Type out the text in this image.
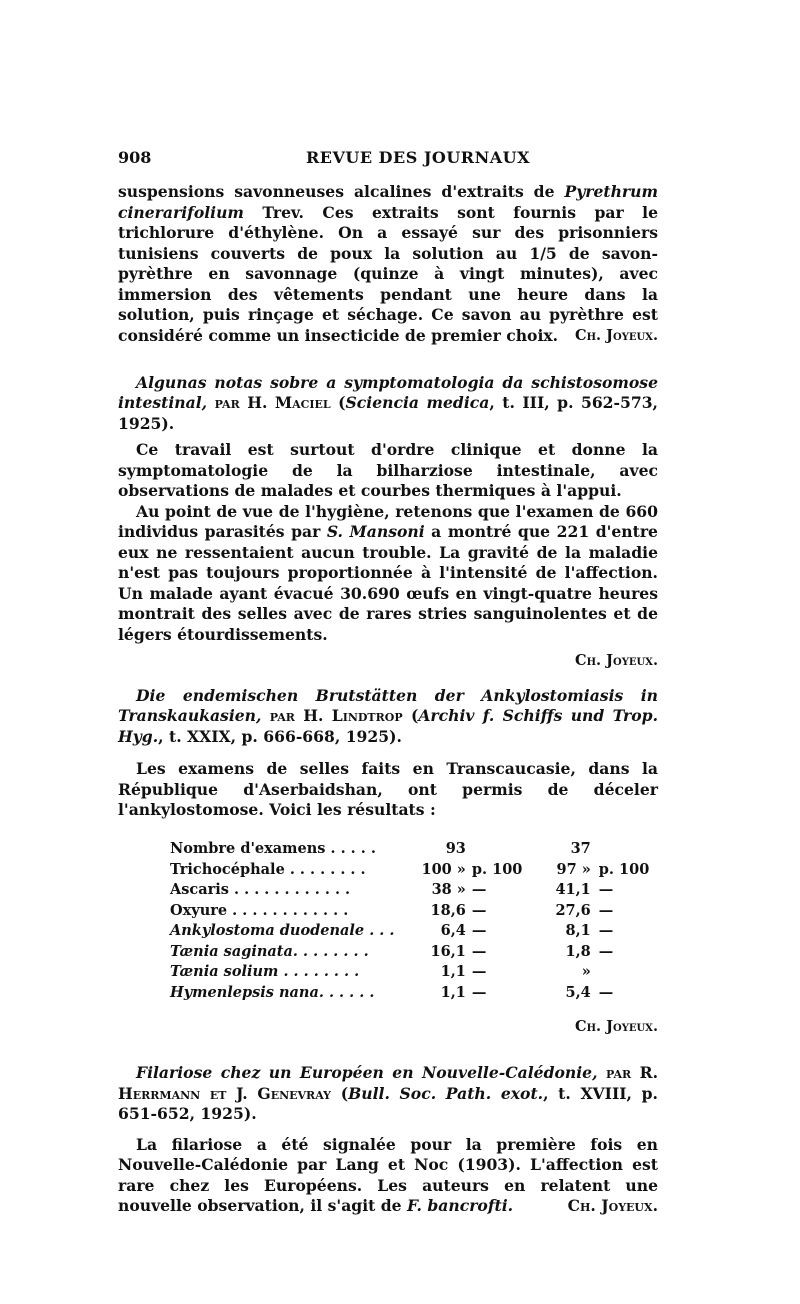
908	REVUE DES JOURNAUX

suspensions savonneuses alcalines d'extraits de Pyrethrum cinerarifolium Trev. Ces extraits sont fournis par le trichlorure d'éthylène. On a essayé sur des prisonniers tunisiens couverts de poux la solution au 1/5 de savon-pyrèthre en savonnage (quinze à vingt minutes), avec immersion des vêtements pendant une heure dans la solution, puis rinçage et séchage. Ce savon au pyrèthre est considéré comme un insecticide de premier choix.	Ch. Joyeux.

Algunas notas sobre a symptomatologia da schistosomose intestinal, par H. Maciel (Sciencia medica, t. III, p. 562-573, 1925).

Ce travail est surtout d'ordre clinique et donne la symptomatologie de la bilharziose intestinale, avec observations de malades et courbes thermiques à l'appui.

Au point de vue de l'hygiène, retenons que l'examen de 660 individus parasités par S. Mansoni a montré que 221 d'entre eux ne ressentaient aucun trouble. La gravité de la maladie n'est pas toujours proportionnée à l'intensité de l'affection. Un malade ayant évacué 30.690 œufs en vingt-quatre heures montrait des selles avec de rares stries sanguinolentes et de légers étourdissements.

Ch. Joyeux.

Die endemischen Brutstätten der Ankylostomiasis in Transkaukasien, par H. Lindtrop (Archiv f. Schiffs und Trop. Hyg., t. XXIX, p. 666-668, 1925).

Les examens de selles faits en Transcaucasie, dans la République d'Aserbaidshan, ont permis de déceler l'ankylostomose. Voici les résultats :

Nombre d'examens . . . . .	93		37	
Trichocéphale . . . . . . . .	100 »	p. 100	97 »	p. 100
Ascaris . . . . . . . . . . . .	38 »	—	41,1	—
Oxyure . . . . . . . . . . . .	18,6	—	27,6	—
Ankylostoma duodenale . . .	6,4	—	8,1	—
Tænia saginata. . . . . . . .	16,1	—	1,8	—
Tænia solium . . . . . . . .	1,1	—	»	
Hymenlepsis nana. . . . . .	1,1	—	5,4	—

Ch. Joyeux.

Filariose chez un Européen en Nouvelle-Calédonie, par R. Herrmann et J. Genevray (Bull. Soc. Path. exot., t. XVIII, p. 651-652, 1925).

La filariose a été signalée pour la première fois en Nouvelle-Calédonie par Lang et Noc (1903). L'affection est rare chez les Européens. Les auteurs en relatent une nouvelle observation, il s'agit de F. bancrofti.	Ch. Joyeux.
